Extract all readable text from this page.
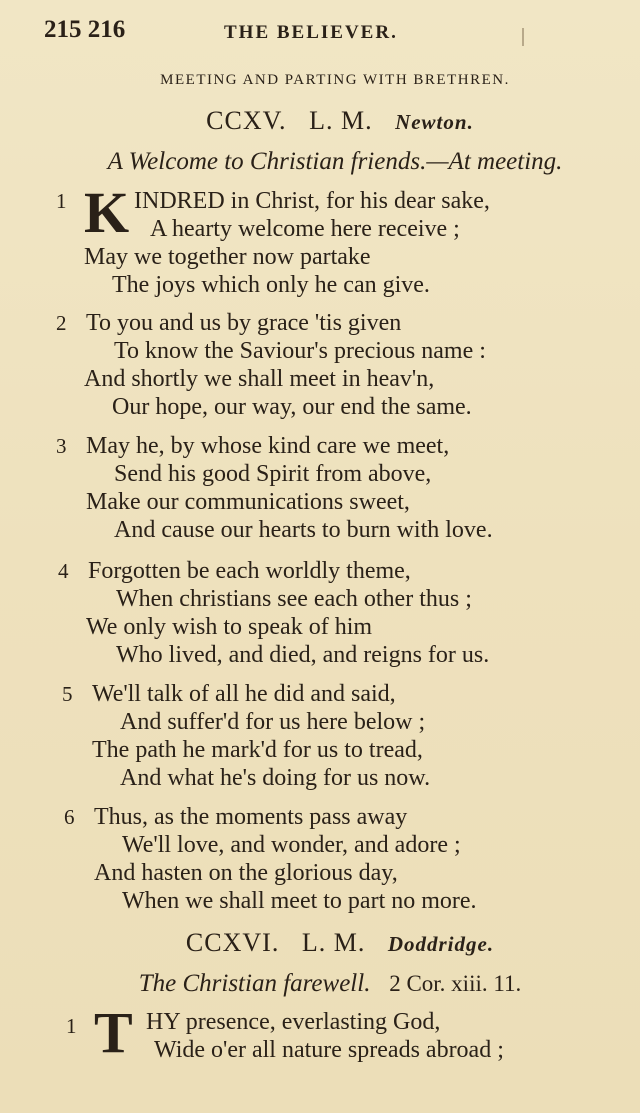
215 216	THE BELIEVER.
MEETING AND PARTING WITH BRETHREN.
CCXV. L. M. Newton.
A Welcome to Christian friends.—At meeting.
1 K INDRED in Christ, for his dear sake,
A hearty welcome here receive ;
May we together now partake
The joys which only he can give.
2 To you and us by grace 'tis given
To know the Saviour's precious name :
And shortly we shall meet in heav'n,
Our hope, our way, our end the same.
3 May he, by whose kind care we meet,
Send his good Spirit from above,
Make our communications sweet,
And cause our hearts to burn with love.
4 Forgotten be each worldly theme,
When christians see each other thus ;
We only wish to speak of him
Who lived, and died, and reigns for us.
5 We'll talk of all he did and said,
And suffer'd for us here below ;
The path he mark'd for us to tread,
And what he's doing for us now.
6 Thus, as the moments pass away
We'll love, and wonder, and adore ;
And hasten on the glorious day,
When we shall meet to part no more.
CCXVI. L. M. Doddridge.
The Christian farewell. 2 Cor. xiii. 11.
1 T HY presence, everlasting God,
Wide o'er all nature spreads abroad ;
